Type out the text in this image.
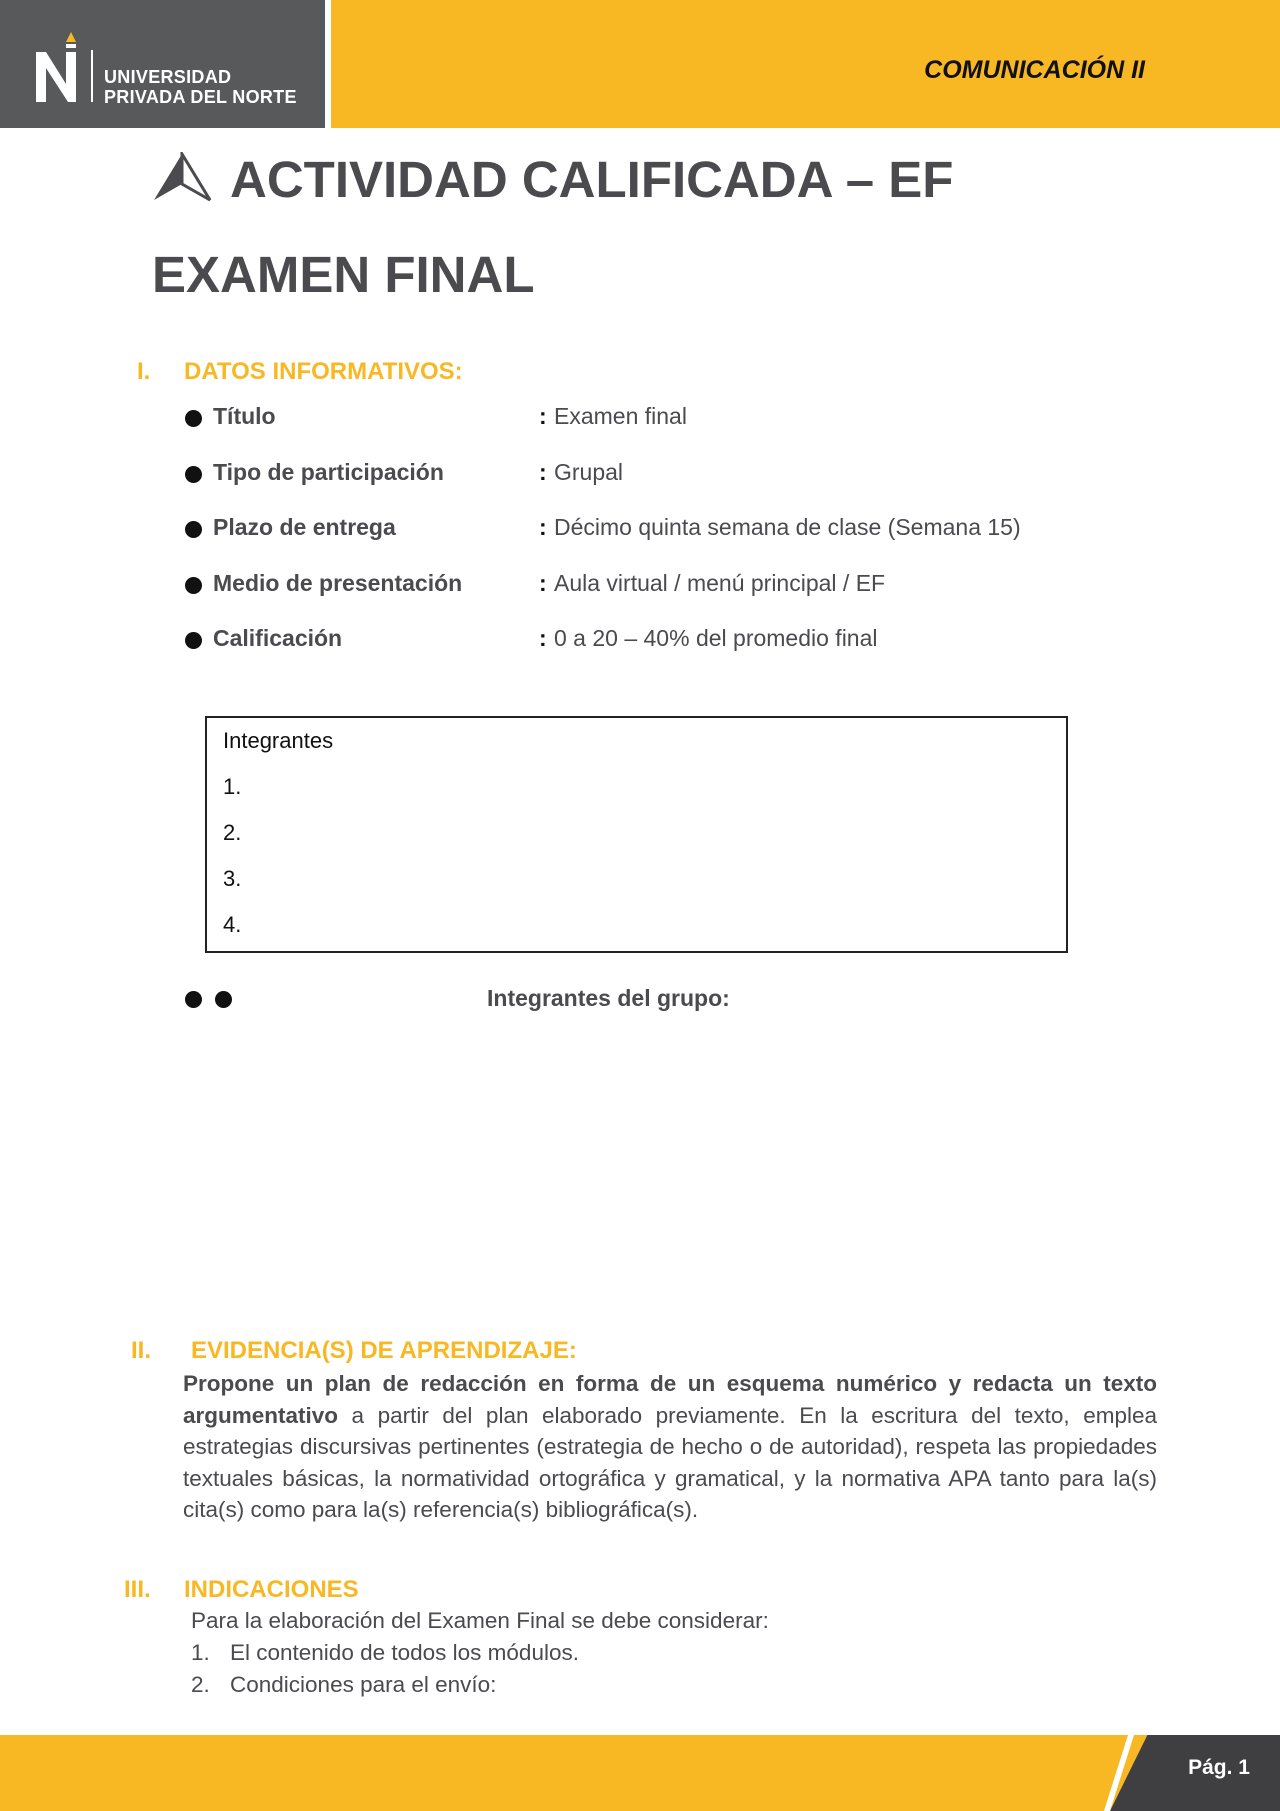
UNIVERSIDAD
PRIVADA DEL NORTE
COMUNICACIÓN II
ACTIVIDAD CALIFICADA – EF
EXAMEN FINAL
I. DATOS INFORMATIVOS:
Título	: Examen final
Tipo de participación	: Grupal
Plazo de entrega	: Décimo quinta semana de clase (Semana 15)
Medio de presentación	: Aula virtual / menú principal / EF
Calificación	: 0 a 20 – 40% del promedio final
Integrantes
1.
2.
3.
4.
Integrantes del grupo:
II. EVIDENCIA(S) DE APRENDIZAJE:
Propone un plan de redacción en forma de un esquema numérico y redacta un texto argumentativo a partir del plan elaborado previamente. En la escritura del texto, emplea estrategias discursivas pertinentes (estrategia de hecho o de autoridad), respeta las propiedades textuales básicas, la normatividad ortográfica y gramatical, y la normativa APA tanto para la(s) cita(s) como para la(s) referencia(s) bibliográfica(s).
III. INDICACIONES
Para la elaboración del Examen Final se debe considerar:
1. El contenido de todos los módulos.
2. Condiciones para el envío:
Pág. 1
